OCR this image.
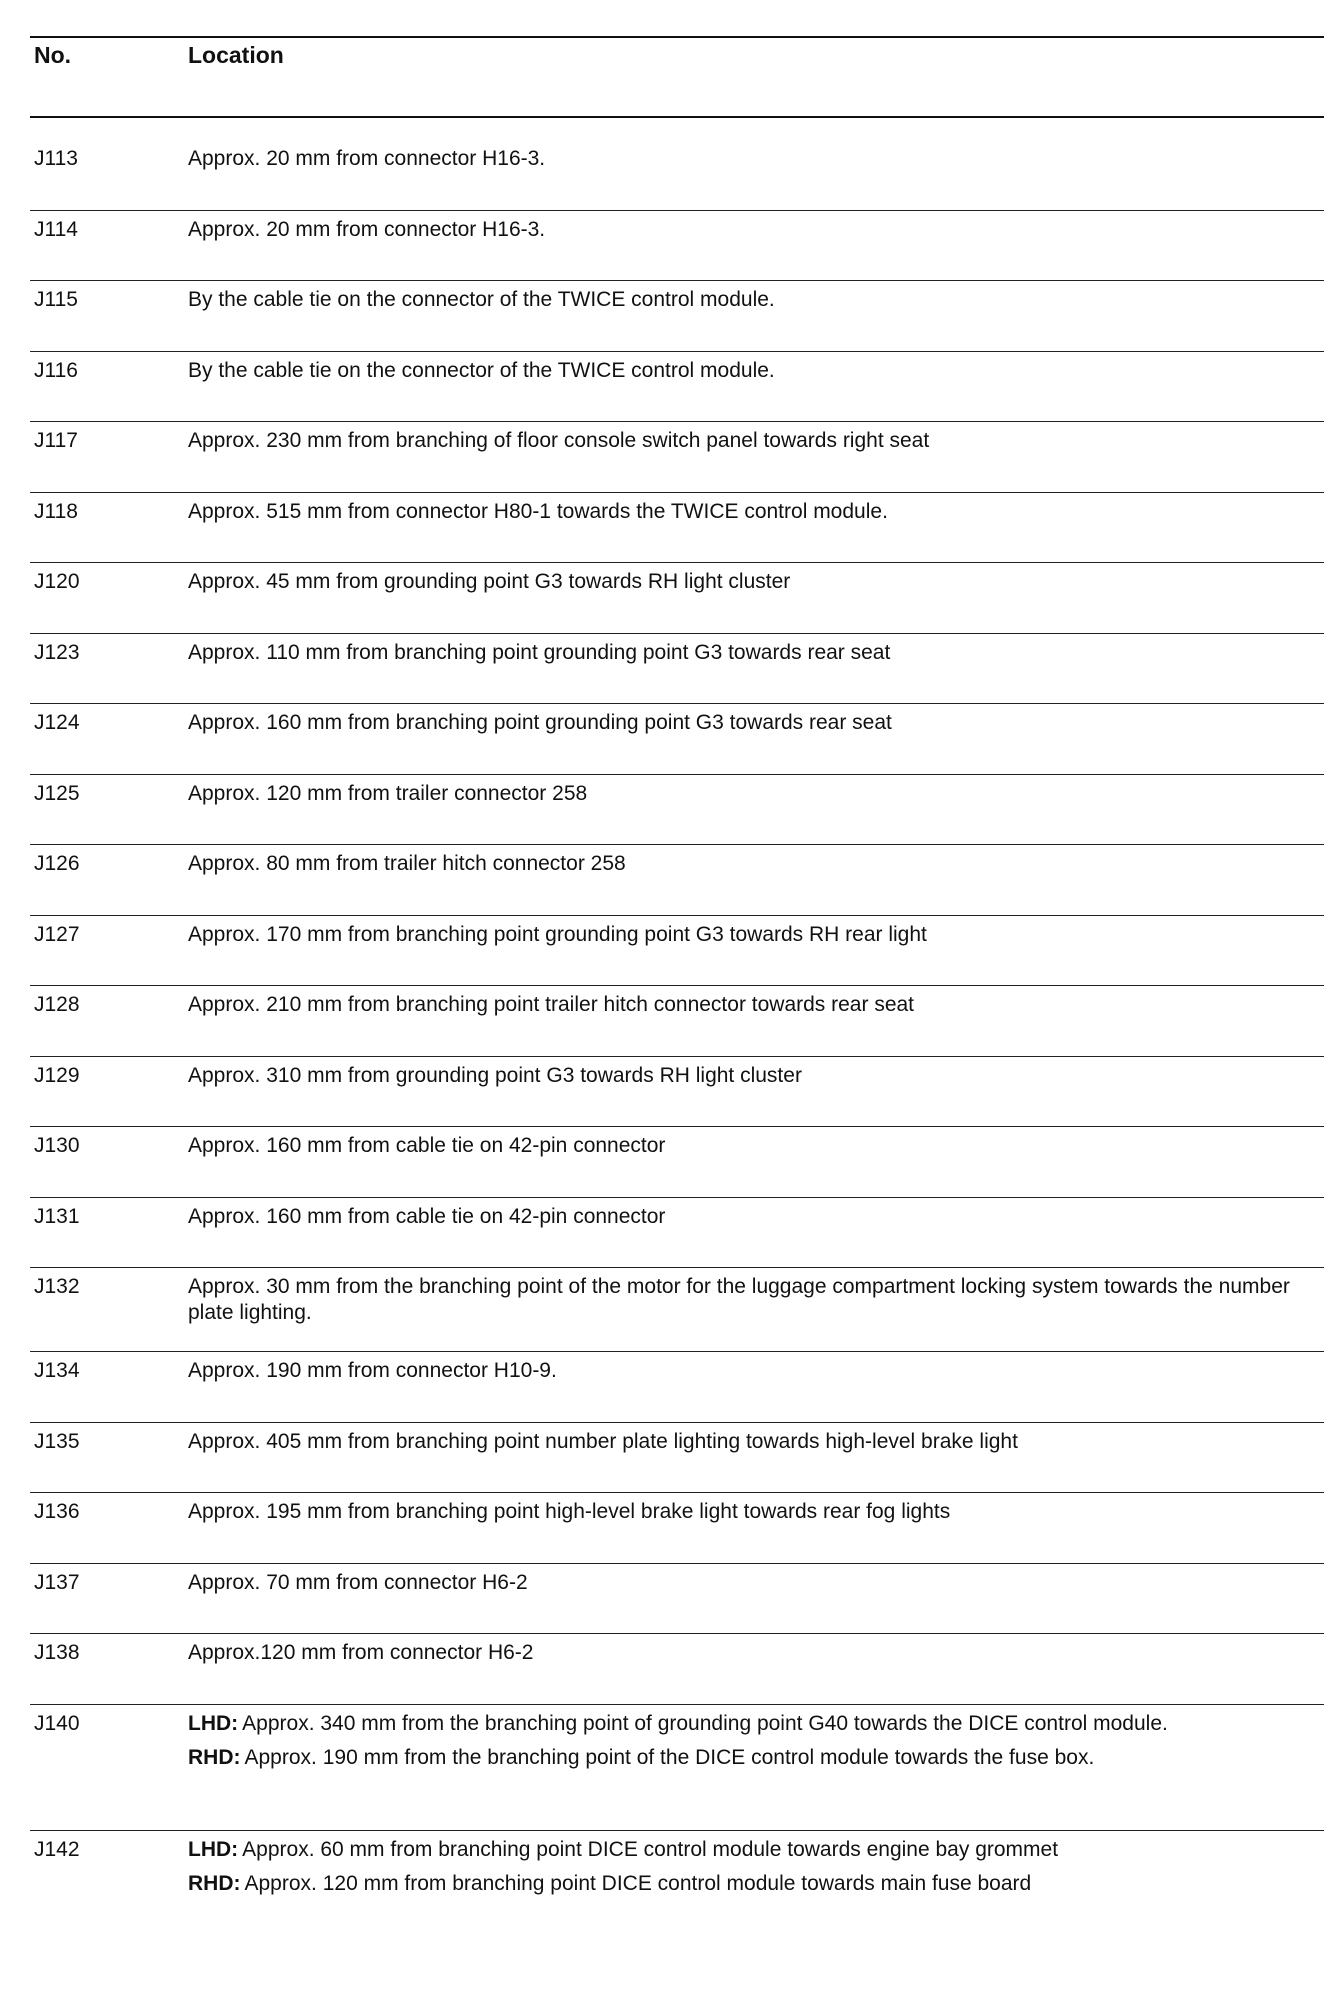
No.	Location
J113	Approx. 20 mm from connector H16-3.
J114	Approx. 20 mm from connector H16-3.
J115	By the cable tie on the connector of the TWICE control module.
J116	By the cable tie on the connector of the TWICE control module.
J117	Approx. 230 mm from branching of floor console switch panel towards right seat
J118	Approx. 515 mm from connector H80-1 towards the TWICE control module.
J120	Approx. 45 mm from grounding point G3 towards RH light cluster
J123	Approx. 110 mm from branching point grounding point G3 towards rear seat
J124	Approx. 160 mm from branching point grounding point G3 towards rear seat
J125	Approx. 120 mm from trailer connector 258
J126	Approx. 80 mm from trailer hitch connector 258
J127	Approx. 170 mm from branching point grounding point G3 towards RH rear light
J128	Approx. 210 mm from branching point trailer hitch connector towards rear seat
J129	Approx. 310 mm from grounding point G3 towards RH light cluster
J130	Approx. 160 mm from cable tie on 42-pin connector
J131	Approx. 160 mm from cable tie on 42-pin connector
J132	Approx. 30 mm from the branching point of the motor for the luggage compartment locking system towards the number plate lighting.
J134	Approx. 190 mm from connector H10-9.
J135	Approx. 405 mm from branching point number plate lighting towards high-level brake light
J136	Approx. 195 mm from branching point high-level brake light towards rear fog lights
J137	Approx. 70 mm from connector H6-2
J138	Approx.120 mm from connector H6-2
J140	LHD: Approx. 340 mm from the branching point of grounding point G40 towards the DICE control module.
RHD: Approx. 190 mm from the branching point of the DICE control module towards the fuse box.
J142	LHD: Approx. 60 mm from branching point DICE control module towards engine bay grommet
RHD: Approx. 120 mm from branching point DICE control module towards main fuse board
